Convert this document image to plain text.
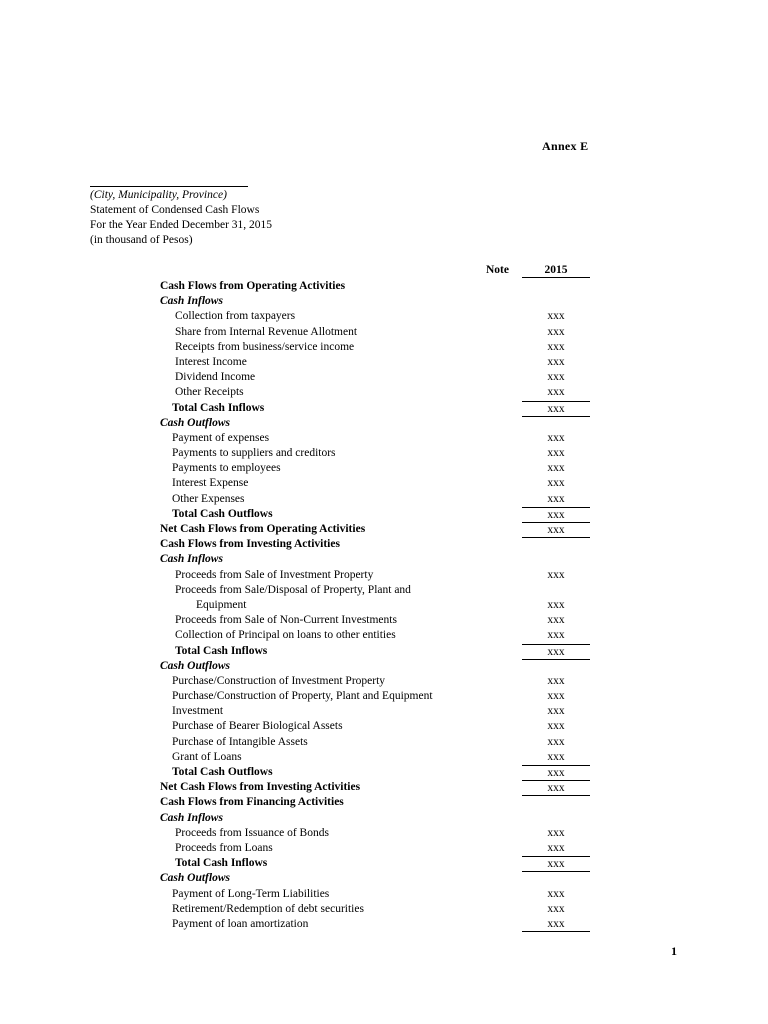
Annex E
(City, Municipality, Province)
Statement of Condensed Cash Flows
For the Year Ended December 31, 2015
(in thousand of Pesos)
Note	2015
Cash Flows from Operating Activities
Cash Inflows
Collection from taxpayers	xxx
Share from Internal Revenue Allotment	xxx
Receipts from business/service income	xxx
Interest Income	xxx
Dividend Income	xxx
Other Receipts	xxx
Total Cash Inflows	xxx
Cash Outflows
Payment of expenses	xxx
Payments to suppliers and creditors	xxx
Payments to employees	xxx
Interest Expense	xxx
Other Expenses	xxx
Total Cash Outflows	xxx
Net Cash Flows from Operating Activities	xxx
Cash Flows from Investing Activities
Cash Inflows
Proceeds from Sale of Investment Property	xxx
Proceeds from Sale/Disposal of Property, Plant and
Equipment	xxx
Proceeds from Sale of Non-Current Investments	xxx
Collection of Principal on loans to other entities	xxx
Total Cash Inflows	xxx
Cash Outflows
Purchase/Construction of Investment Property	xxx
Purchase/Construction of Property, Plant and Equipment	xxx
Investment	xxx
Purchase of Bearer Biological Assets	xxx
Purchase of Intangible Assets	xxx
Grant of Loans	xxx
Total Cash Outflows	xxx
Net Cash Flows from Investing Activities	xxx
Cash Flows from Financing Activities
Cash Inflows
Proceeds from Issuance of Bonds	xxx
Proceeds from Loans	xxx
Total Cash Inflows	xxx
Cash Outflows
Payment of Long-Term Liabilities	xxx
Retirement/Redemption of debt securities	xxx
Payment of loan amortization	xxx
1
